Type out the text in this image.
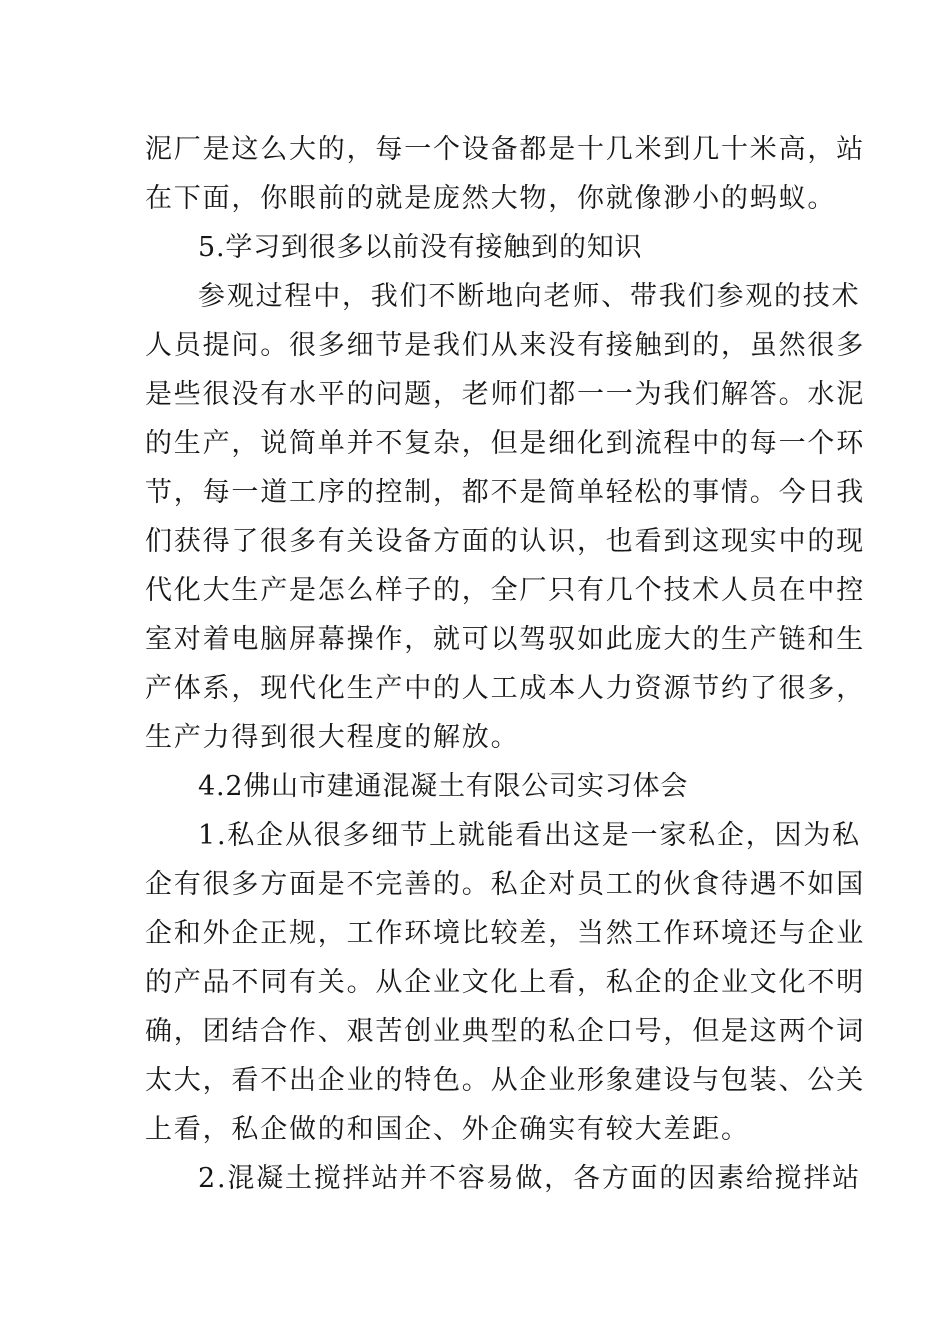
泥厂是这么大的，每一个设备都是十几米到几十米高，站

在下面，你眼前的就是庞然大物，你就像渺小的蚂蚁。

5.学习到很多以前没有接触到的知识

参观过程中，我们不断地向老师、带我们参观的技术

人员提问。很多细节是我们从来没有接触到的，虽然很多

是些很没有水平的问题，老师们都一一为我们解答。水泥

的生产，说简单并不复杂，但是细化到流程中的每一个环

节，每一道工序的控制，都不是简单轻松的事情。今日我

们获得了很多有关设备方面的认识，也看到这现实中的现

代化大生产是怎么样子的，全厂只有几个技术人员在中控

室对着电脑屏幕操作，就可以驾驭如此庞大的生产链和生

产体系，现代化生产中的人工成本人力资源节约了很多，

生产力得到很大程度的解放。

4.2佛山市建通混凝土有限公司实习体会

1.私企从很多细节上就能看出这是一家私企，因为私

企有很多方面是不完善的。私企对员工的伙食待遇不如国

企和外企正规，工作环境比较差，当然工作环境还与企业

的产品不同有关。从企业文化上看，私企的企业文化不明

确，团结合作、艰苦创业典型的私企口号，但是这两个词

太大，看不出企业的特色。从企业形象建设与包装、公关

上看，私企做的和国企、外企确实有较大差距。

2.混凝土搅拌站并不容易做，各方面的因素给搅拌站
